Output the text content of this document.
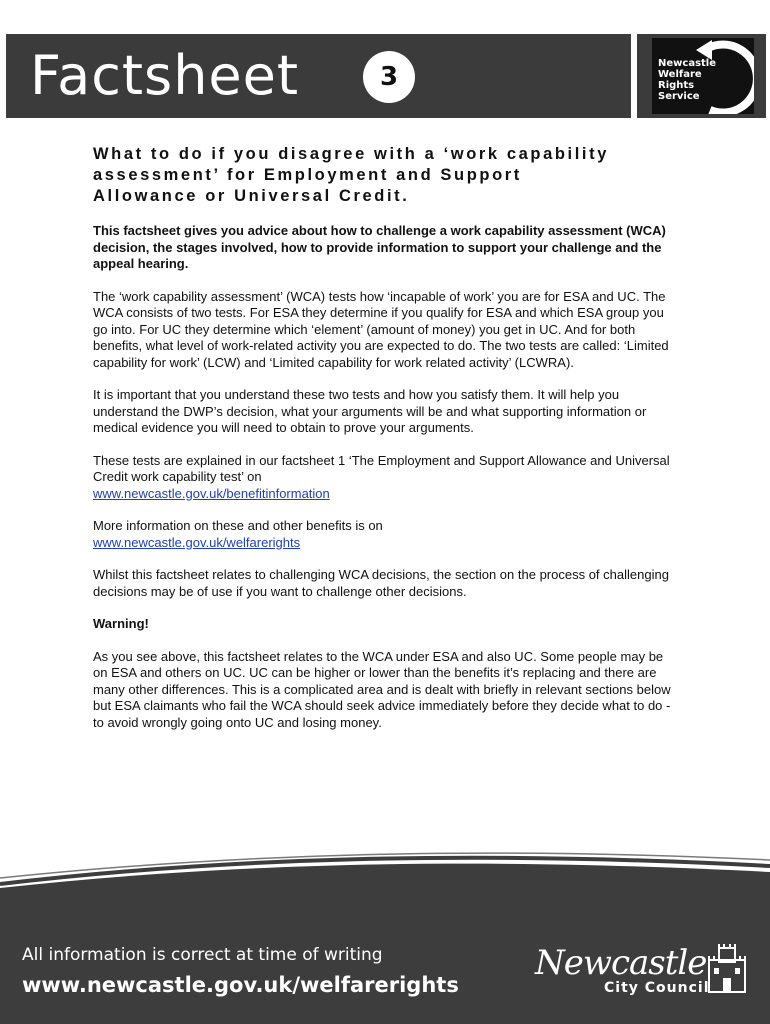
Factsheet	3	Newcastle
Welfare
Rights
Service
What to do if you disagree with a ‘work capability
assessment’ for Employment and Support
Allowance or Universal Credit.

This factsheet gives you advice about how to challenge a work capability assessment (WCA) decision, the stages involved, how to provide information to support your challenge and the appeal hearing.

The ‘work capability assessment’ (WCA) tests how ‘incapable of work’ you are for ESA and UC. The WCA consists of two tests. For ESA they determine if you qualify for ESA and which ESA group you go into. For UC they determine which ‘element’ (amount of money) you get in UC. And for both benefits, what level of work-related activity you are expected to do. The two tests are called: ‘Limited capability for work’ (LCW) and ‘Limited capability for work related activity’ (LCWRA).

It is important that you understand these two tests and how you satisfy them. It will help you understand the DWP’s decision, what your arguments will be and what supporting information or medical evidence you will need to obtain to prove your arguments.

These tests are explained in our factsheet 1 ‘The Employment and Support Allowance and Universal Credit work capability test’ on
www.newcastle.gov.uk/benefitinformation

More information on these and other benefits is on
www.newcastle.gov.uk/welfarerights

Whilst this factsheet relates to challenging WCA decisions, the section on the process of challenging decisions may be of use if you want to challenge other decisions.

Warning!

As you see above, this factsheet relates to the WCA under ESA and also UC. Some people may be on ESA and others on UC. UC can be higher or lower than the benefits it’s replacing and there are many other differences. This is a complicated area and is dealt with briefly in relevant sections below but ESA claimants who fail the WCA should seek advice immediately before they decide what to do - to avoid wrongly going onto UC and losing money.

All information is correct at time of writing
www.newcastle.gov.uk/welfarerights
Newcastle
City Council
